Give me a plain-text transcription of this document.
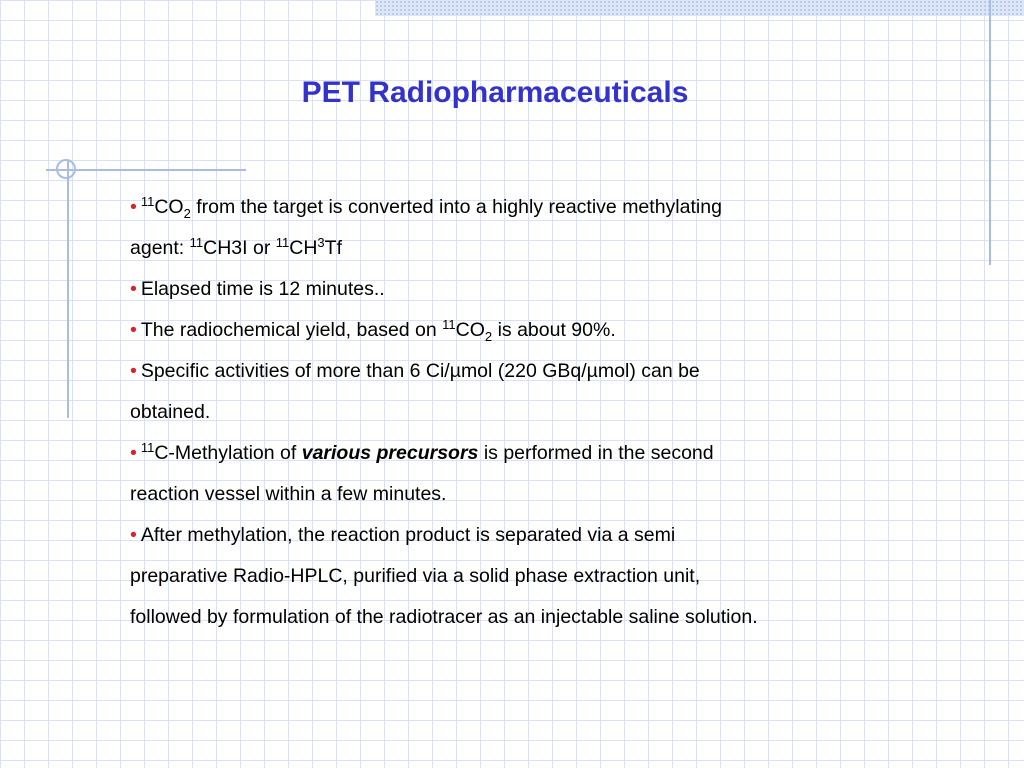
PET Radiopharmaceuticals

• $^{11}CO_2$ from the target is converted into a highly reactive methylating agent: $^{11}$CH3I or $^{11}CH^3Tf$

• Elapsed time is 12 minutes..

• The radiochemical yield, based on $^{11}CO_2$ is about 90%.

• Specific activities of more than 6 Ci/µmol (220 GBq/µmol) can be obtained.

• $^{11}$C-Methylation of various precursors is performed in the second reaction vessel within a few minutes.

• After methylation, the reaction product is separated via a semi preparative Radio-HPLC, purified via a solid phase extraction unit, followed by formulation of the radiotracer as an injectable saline solution.
